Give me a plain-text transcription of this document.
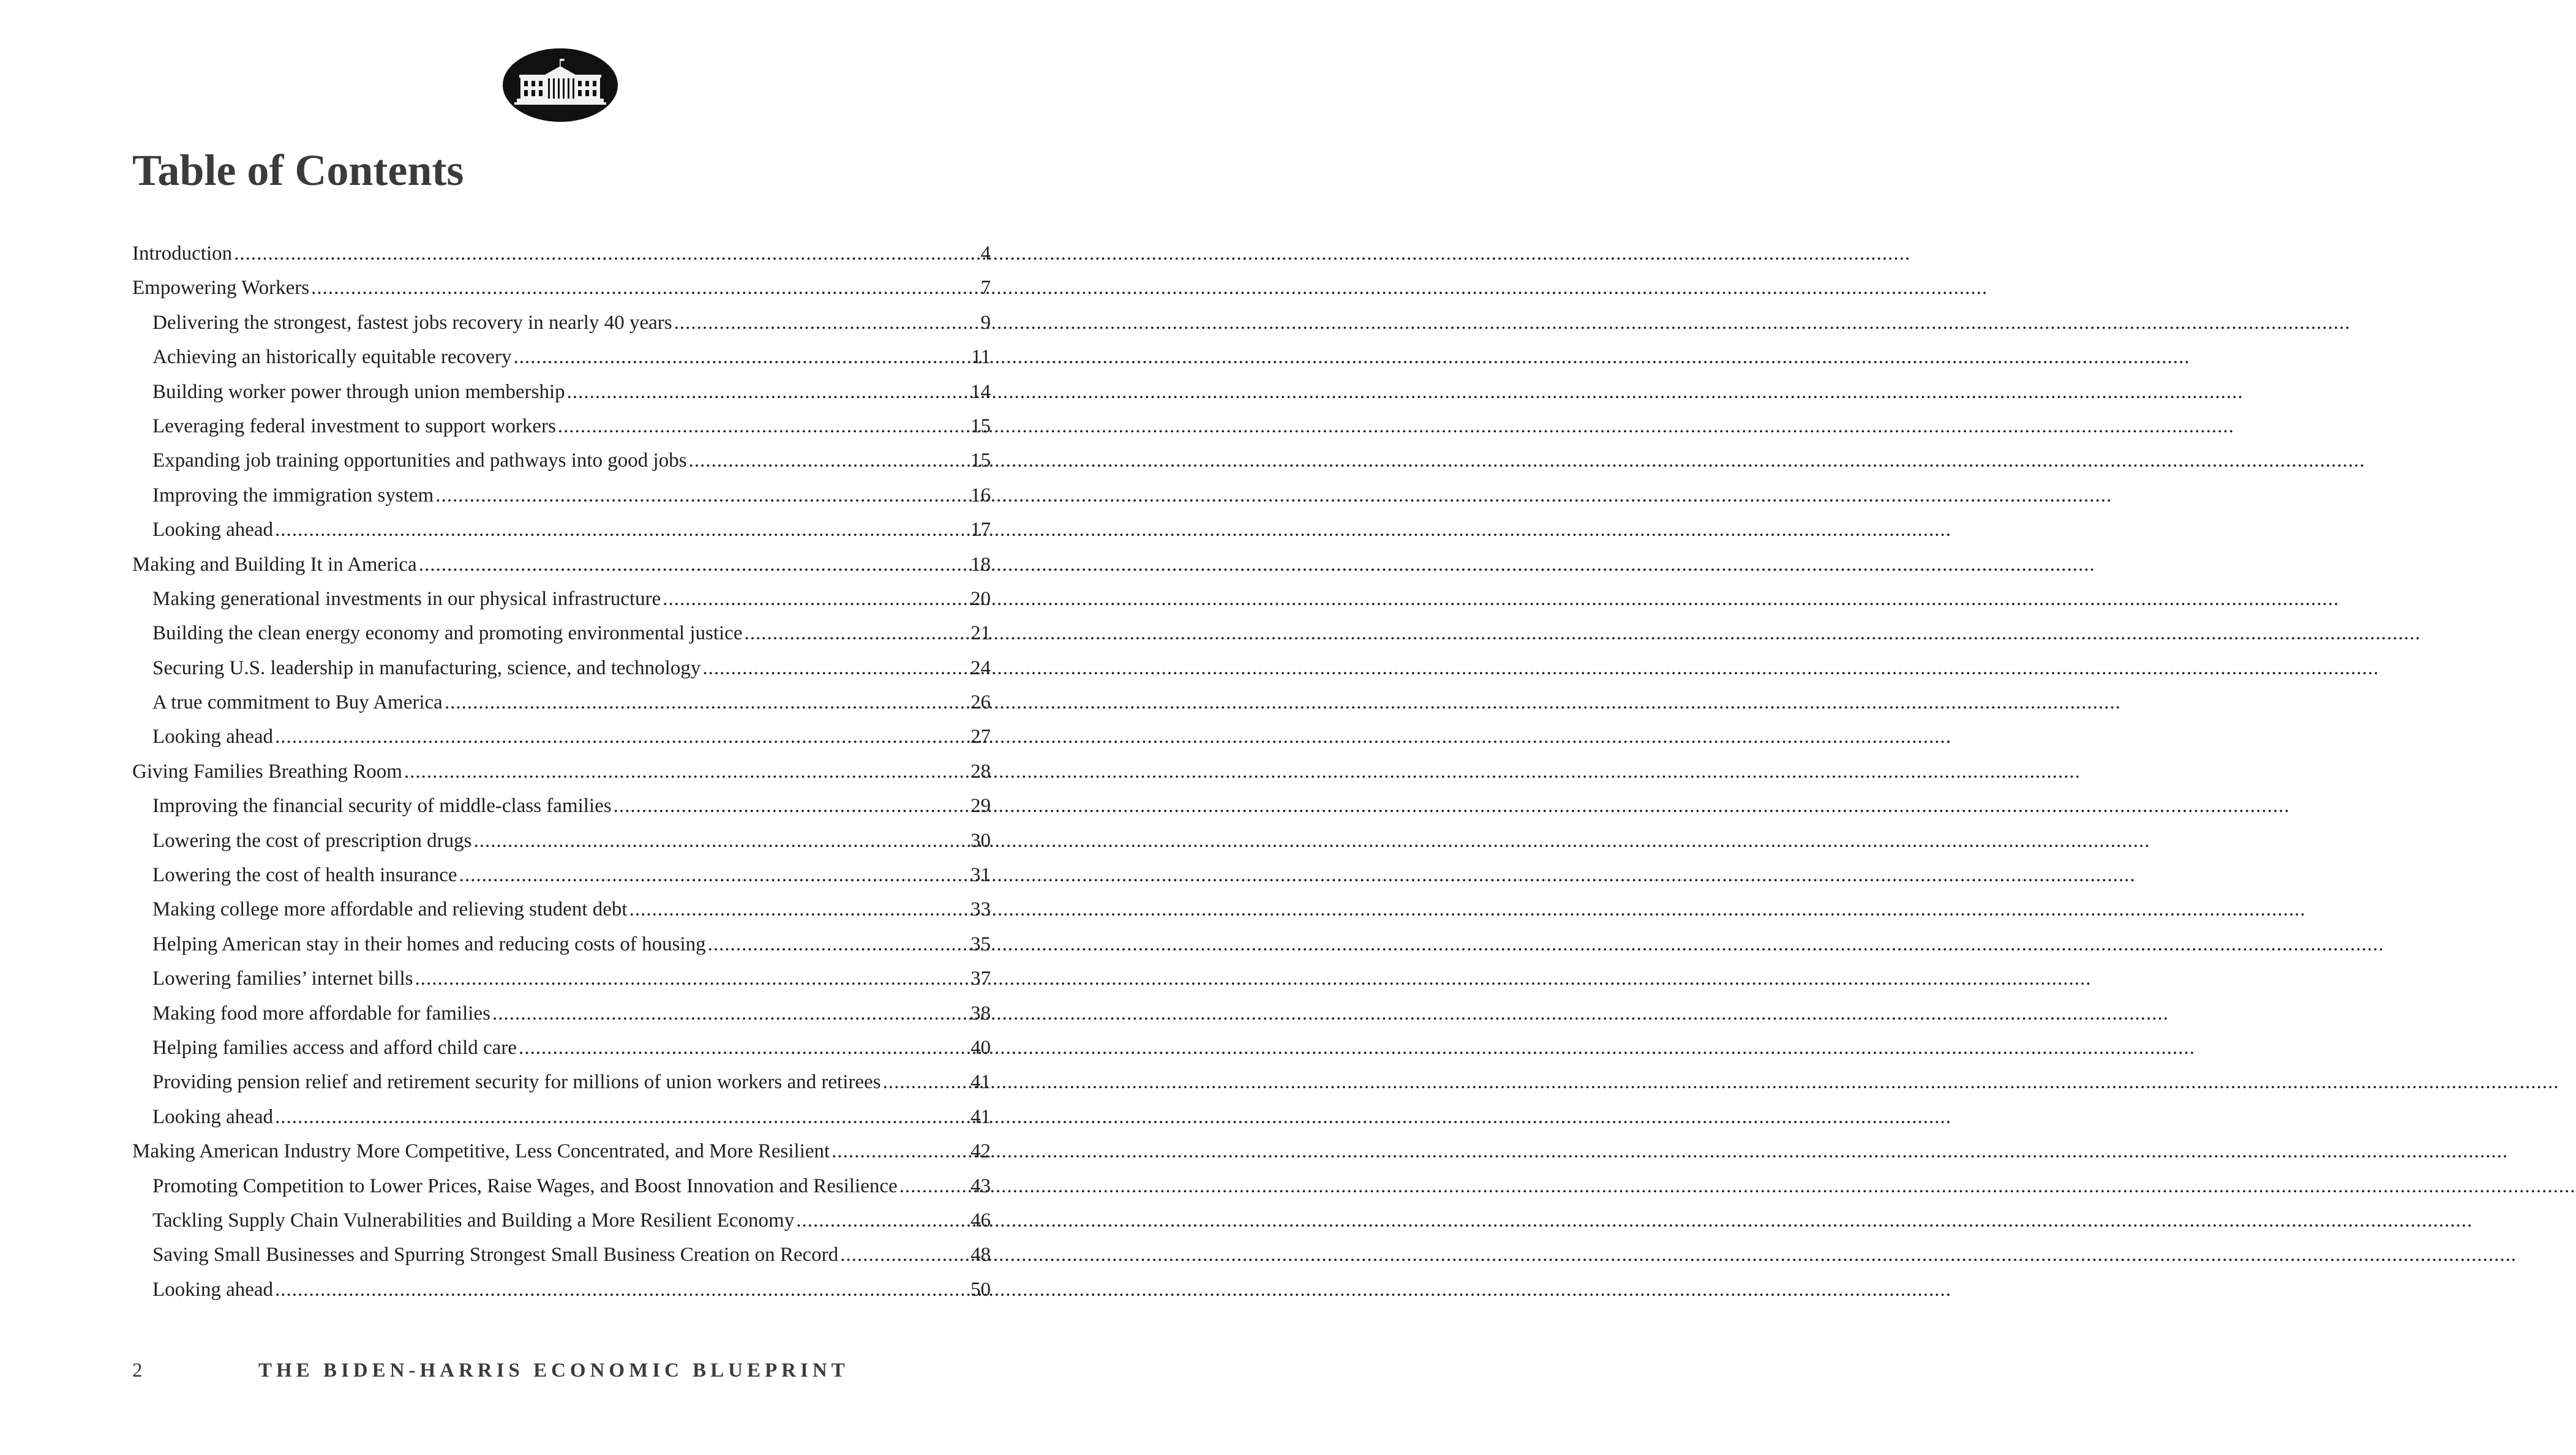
Table of Contents
Introduction .....	4
Empowering Workers .....	7
Delivering the strongest, fastest jobs recovery in nearly 40 years .....	9
Achieving an historically equitable recovery .....	11
Building worker power through union membership .....	14
Leveraging federal investment to support workers .....	15
Expanding job training opportunities and pathways into good jobs .....	15
Improving the immigration system .....	16
Looking ahead .....	17
Making and Building It in America .....	18
Making generational investments in our physical infrastructure .....	20
Building the clean energy economy and promoting environmental justice .....	21
Securing U.S. leadership in manufacturing, science, and technology .....	24
A true commitment to Buy America .....	26
Looking ahead .....	27
Giving Families Breathing Room .....	28
Improving the financial security of middle-class families .....	29
Lowering the cost of prescription drugs .....	30
Lowering the cost of health insurance .....	31
Making college more affordable and relieving student debt .....	33
Helping American stay in their homes and reducing costs of housing .....	35
Lowering families’ internet bills .....	37
Making food more affordable for families .....	38
Helping families access and afford child care .....	40
Providing pension relief and retirement security for millions of union workers and retirees .....	41
Looking ahead .....	41
Making American Industry More Competitive, Less Concentrated, and More Resilient .....	42
Promoting Competition to Lower Prices, Raise Wages, and Boost Innovation and Resilience .....	43
Tackling Supply Chain Vulnerabilities and Building a More Resilient Economy .....	46
Saving Small Businesses and Spurring Strongest Small Business Creation on Record .....	48
Looking ahead .....	50
2	THE BIDEN-HARRIS ECONOMIC BLUEPRINT
